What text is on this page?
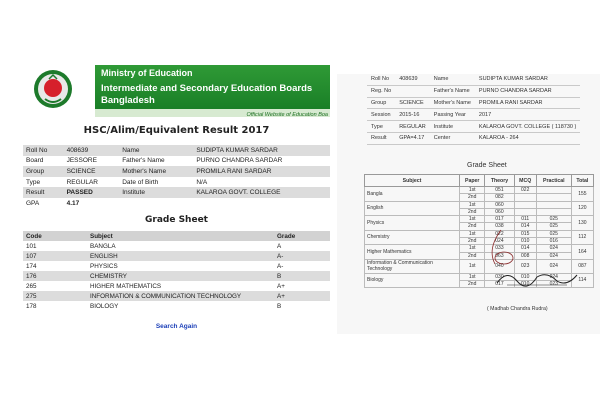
Ministry of Education
Intermediate and Secondary Education Boards Bangladesh
Official Website of Education Boa
HSC/Alim/Equivalent Result 2017
Roll No	408639	Name	SUDIPTA KUMAR SARDAR
Board	JESSORE	Father's Name	PURNO CHANDRA SARDAR
Group	SCIENCE	Mother's Name	PROMILA RANI SARDAR
Type	REGULAR	Date of Birth	N/A
Result	PASSED	Institute	KALAROA GOVT. COLLEGE
GPA	4.17		
Grade Sheet
Code	Subject	Grade
101	BANGLA	A
107	ENGLISH	A-
174	PHYSICS	A-
176	CHEMISTRY	B
265	HIGHER MATHEMATICS	A+
275	INFORMATION & COMMUNICATION TECHNOLOGY	A+
178	BIOLOGY	B
Search Again
Roll No	408639	Name	SUDIPTA KUMAR SARDAR
Reg. No		Father's Name	PURNO CHANDRA SARDAR
Group	SCIENCE	Mother's Name	PROMILA RANI SARDAR
Session	2015-16	Passing Year	2017
Type	REGULAR	Institute	KALAROA GOVT. COLLEGE ( 118730 )
Result	GPA=4.17	Center	KALAROA - 264
Grade Sheet
Subject	Paper	Theory	MCQ	Practical	Total
Bangla	1st	051	022		155
	2nd	082			
English	1st	060			120
	2nd	060			
Physics	1st	017	011	025	130
	2nd	038	014	025	
Chemistry	1st	022	015	025	112
	2nd	024	010	016	
Higher Mathematics	1st	033	014	024	164
	2nd	063	008	024	
Information & Communication Technology	1st	040	023	024	087
Biology	1st	030	010	024	114
	2nd	017	010	023	
( Madhab Chandra Rudra)
